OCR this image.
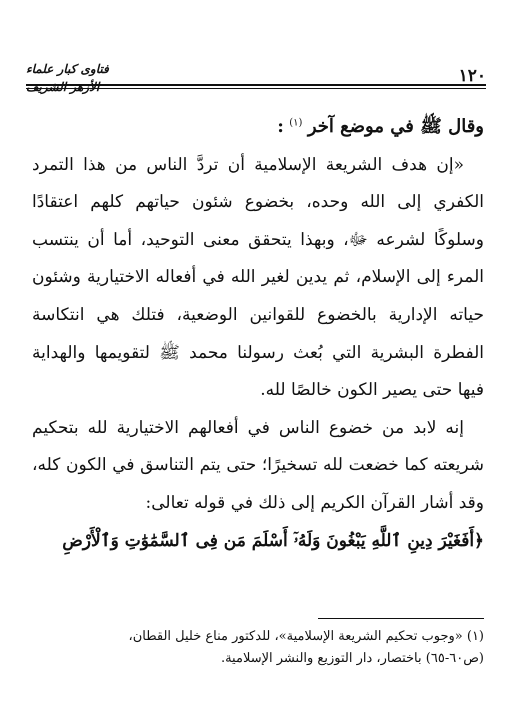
١٢٠
فتاوى كبار علماء الأزهر الشريف

وقال ﷺ في موضع آخر $^{(١)}$ :

«إن هدف الشريعة الإسلامية أن تردَّ الناس من هذا التمرد الكفري إلى الله وحده، بخضوع شئون حياتهم كلهم اعتقادًا وسلوكًا لشرعه ﷻ، وبهذا يتحقق معنى التوحيد، أما أن ينتسب المرء إلى الإسلام، ثم يدين لغير الله في أفعاله الاختيارية وشئون حياته الإدارية بالخضوع للقوانين الوضعية، فتلك هي انتكاسة الفطرة البشرية التي بُعث رسولنا محمد ﷺ لتقويمها والهداية فيها حتى يصير الكون خالصًا لله.

إنه لابد من خضوع الناس في أفعالهم الاختيارية لله بتحكيم شريعته كما خضعت لله تسخيرًا؛ حتى يتم التناسق في الكون كله، وقد أشار القرآن الكريم إلى ذلك في قوله تعالى:

﴿أَفَغَيْرَ دِينِ ٱللَّهِ يَبْغُونَ وَلَهُۥٓ أَسْلَمَ مَن فِى ٱلسَّمَٰوَٰتِ وَٱلْأَرْضِ

(١) «وجوب تحكيم الشريعة الإسلامية»، للدكتور مناع خليل القطان،

(ص٦٠-٦٥) باختصار، دار التوزيع والنشر الإسلامية.
